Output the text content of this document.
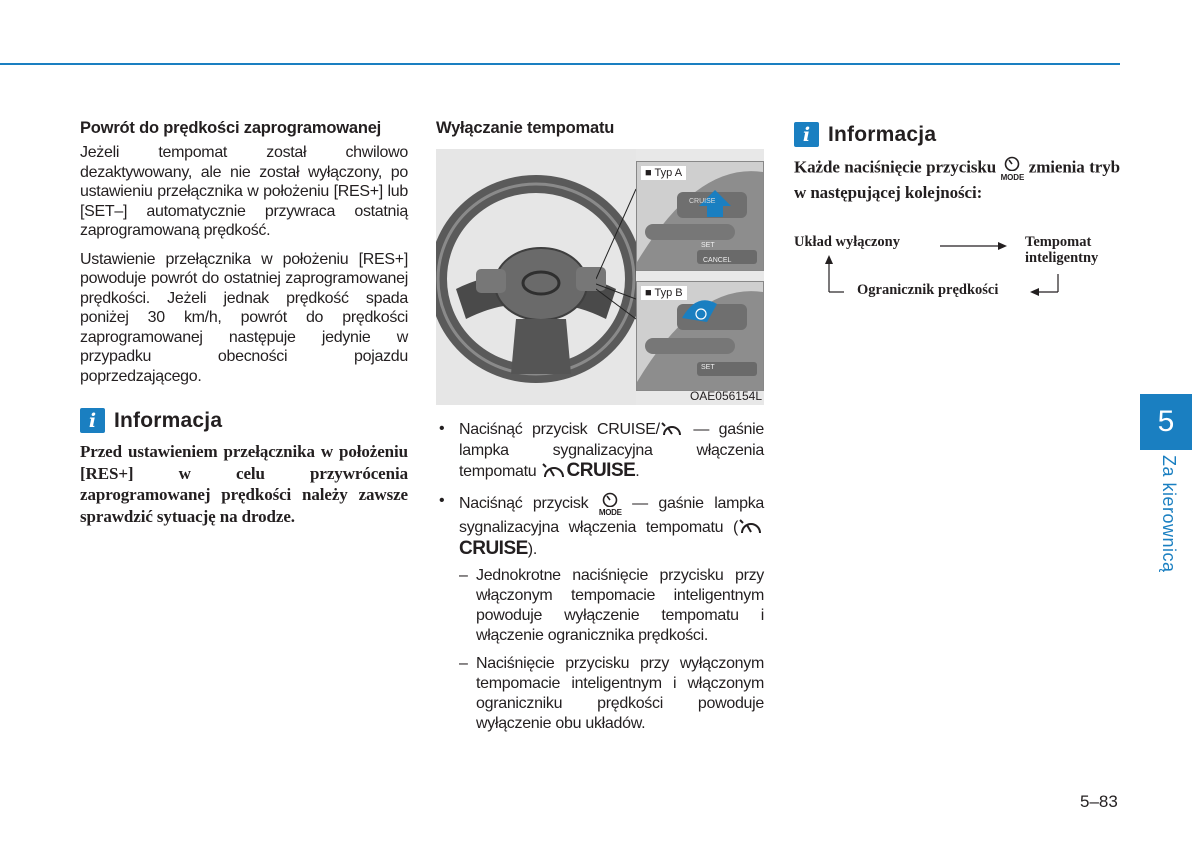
Powrót do prędkości zaprogramowanej

Jeżeli tempomat został chwilowo dezaktywowany, ale nie został wyłączony, po ustawieniu przełącznika w położeniu [RES+] lub [SET–] automatycznie przywraca ostatnią zaprogramowaną prędkość.

Ustawienie przełącznika w położeniu [RES+] powoduje powrót do ostatniej zaprogramowanej prędkości. Jeżeli jednak prędkość spada poniżej 30 km/h, powrót do prędkości zaprogramowanej następuje jedynie w przypadku obecności pojazdu poprzedzającego.

i Informacja

Przed ustawieniem przełącznika w położeniu [RES+] w celu przywrócenia zaprogramowanej prędkości należy zawsze sprawdzić sytuację na drodze.

Wyłączanie tempomatu
■ Typ A
CRUISE
SET
CANCEL
■ Typ B
SET
OAE056154L
• Naciśnąć przycisk CRUISE/ — gaśnie lampka sygnalizacyjna włączenia tempomatu CRUISE.
• Naciśnąć przycisk
MODE — gaśnie lampka sygnalizacyjna włączenia tempomatu (CRUISE).
– Jednokrotne naciśnięcie przycisku przy włączonym tempomacie inteligentnym powoduje wyłączenie tempomatu i włączenie ogranicznika prędkości.
– Naciśnięcie przycisku przy wyłączonym tempomacie inteligentnym i włączonym ograniczniku prędkości powoduje wyłączenie obu układów.
i Informacja

Każde naciśnięcie przycisku
MODE zmienia tryb w następującej kolejności:

Układ wyłączony	Tempomat
inteligentny
Ogranicznik prędkości
5
Za kierownicą
5–83
